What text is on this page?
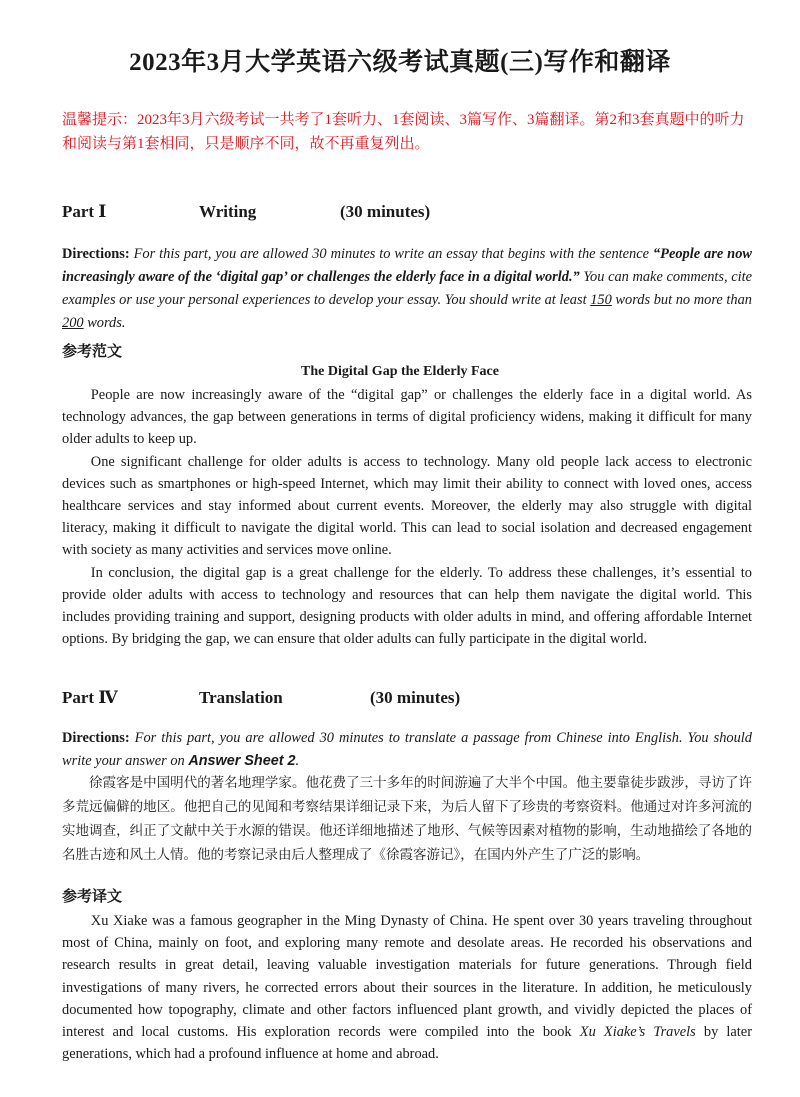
2023年3月大学英语六级考试真题(三)写作和翻译
温馨提示：2023年3月六级考试一共考了1套听力、1套阅读、3篇写作、3篇翻译。第2和3套真题中的听力和阅读与第1套相同，只是顺序不同，故不再重复列出。
Part Ⅰ	Writing	(30 minutes)
Directions: For this part, you are allowed 30 minutes to write an essay that begins with the sentence “People are now increasingly aware of the ‘digital gap’ or challenges the elderly face in a digital world.” You can make comments, cite examples or use your personal experiences to develop your essay. You should write at least 150 words but no more than 200 words.
参考范文
The Digital Gap the Elderly Face

People are now increasingly aware of the “digital gap” or challenges the elderly face in a digital world. As technology advances, the gap between generations in terms of digital proficiency widens, making it difficult for many older adults to keep up.

One significant challenge for older adults is access to technology. Many old people lack access to electronic devices such as smartphones or high-speed Internet, which may limit their ability to connect with loved ones, access healthcare services and stay informed about current events. Moreover, the elderly may also struggle with digital literacy, making it difficult to navigate the digital world. This can lead to social isolation and decreased engagement with society as many activities and services move online.

In conclusion, the digital gap is a great challenge for the elderly. To address these challenges, it’s essential to provide older adults with access to technology and resources that can help them navigate the digital world. This includes providing training and support, designing products with older adults in mind, and offering affordable Internet options. By bridging the gap, we can ensure that older adults can fully participate in the digital world.

Part Ⅳ	Translation	(30 minutes)
Directions: For this part, you are allowed 30 minutes to translate a passage from Chinese into English. You should write your answer on Answer Sheet 2.

徐霞客是中国明代的著名地理学家。他花费了三十多年的时间游遍了大半个中国。他主要靠徒步跋涉，寻访了许多荒远偏僻的地区。他把自己的见闻和考察结果详细记录下来，为后人留下了珍贵的考察资料。他通过对许多河流的实地调查，纠正了文献中关于水源的错误。他还详细地描述了地形、气候等因素对植物的影响，生动地描绘了各地的名胜古迹和风土人情。他的考察记录由后人整理成了《徐霞客游记》，在国内外产生了广泛的影响。

参考译文

Xu Xiake was a famous geographer in the Ming Dynasty of China. He spent over 30 years traveling throughout most of China, mainly on foot, and exploring many remote and desolate areas. He recorded his observations and research results in great detail, leaving valuable investigation materials for future generations. Through field investigations of many rivers, he corrected errors about their sources in the literature. In addition, he meticulously documented how topography, climate and other factors influenced plant growth, and vividly depicted the places of interest and local customs. His exploration records were compiled into the book Xu Xiake’s Travels by later generations, which had a profound influence at home and abroad.
